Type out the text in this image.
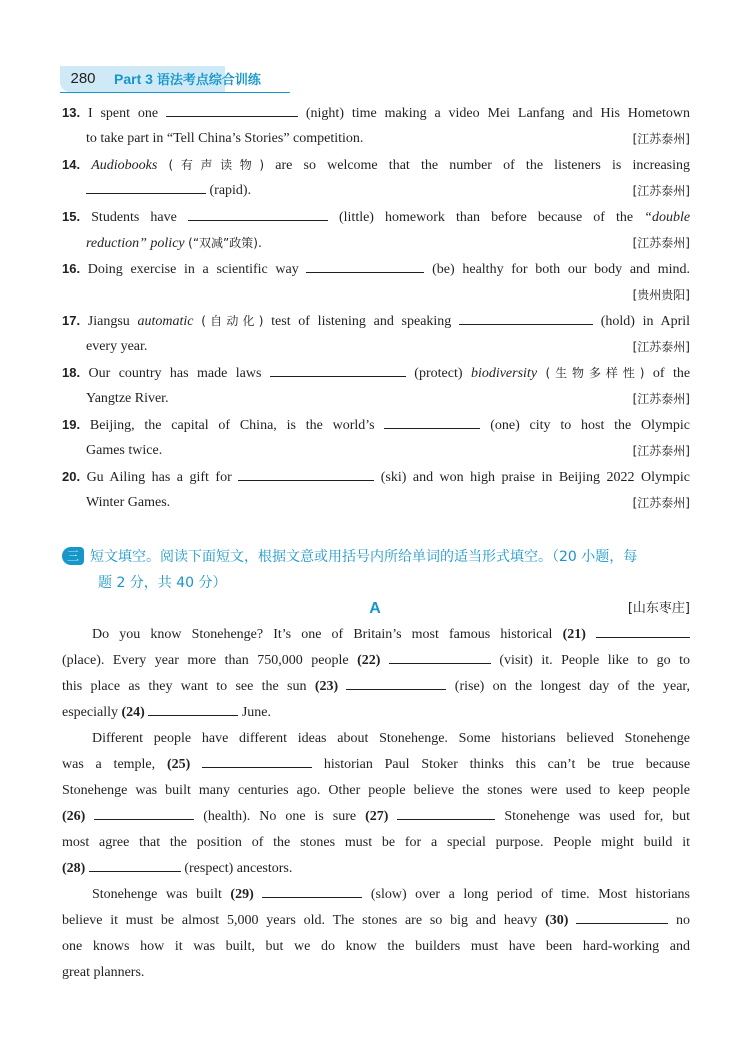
280	Part 3 语法考点综合训练
13. I spent one	(night) time making a video Mei Lanfang and His Hometown
to take part in “Tell China’s Stories” competition.	[江苏泰州]
14. Audiobooks (有声读物) are so welcome that the number of the listeners is increasing
(rapid).	[江苏泰州]
15. Students have	(little) homework than before because of the “double
reduction” policy (“双减”政策).	[江苏泰州]
16. Doing exercise in a scientific way	(be) healthy for both our body and mind.
[贵州贵阳]
17. Jiangsu automatic (自动化) test of listening and speaking	(hold) in April
every year.	[江苏泰州]
18. Our country has made laws	(protect) biodiversity (生物多样性) of the
Yangtze River.	[江苏泰州]
19. Beijing, the capital of China, is the world’s	(one) city to host the Olympic
Games twice.	[江苏泰州]
20. Gu Ailing has a gift for	(ski) and won high praise in Beijing 2022 Olympic
Winter Games.	[江苏泰州]
三 短文填空。阅读下面短文，根据文意或用括号内所给单词的适当形式填空。（20 小题，每
题 2 分，共 40 分）
A	[山东枣庄]
Do you know Stonehenge? It’s one of Britain’s most famous historical (21)
(place). Every year more than 750,000 people (22)	(visit) it. People like to go to
this place as they want to see the sun (23)	(rise) on the longest day of the year,
especially (24)	June.
Different people have different ideas about Stonehenge. Some historians believed Stonehenge
was a temple, (25)	historian Paul Stoker thinks this can’t be true because
Stonehenge was built many centuries ago. Other people believe the stones were used to keep people
(26)	(health). No one is sure (27)	Stonehenge was used for, but
most agree that the position of the stones must be for a special purpose. People might build it
(28)	(respect) ancestors.
Stonehenge was built (29)	(slow) over a long period of time. Most historians
believe it must be almost 5,000 years old. The stones are so big and heavy (30)	no
one knows how it was built, but we do know the builders must have been hard-working and
great planners.
